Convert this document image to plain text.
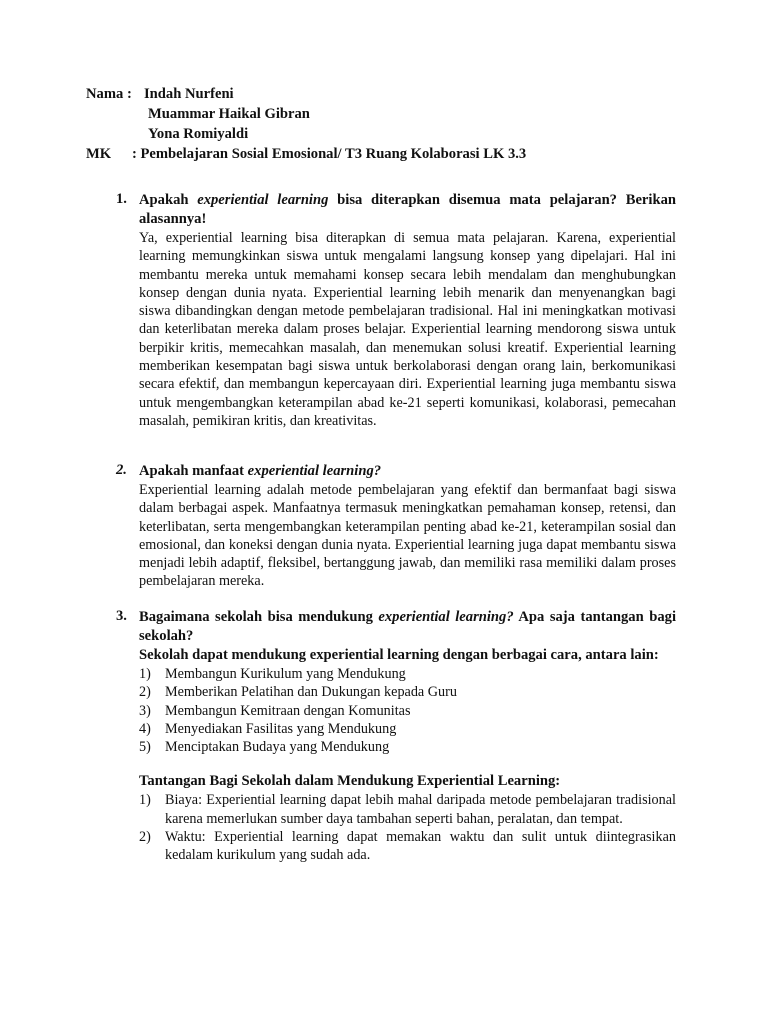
Nama : Indah Nurfeni
Muammar Haikal Gibran
Yona Romiyaldi
MK : Pembelajaran Sosial Emosional/ T3 Ruang Kolaborasi LK 3.3
1. Apakah experiential learning bisa diterapkan disemua mata pelajaran? Berikan alasannya!
Ya, experiential learning bisa diterapkan di semua mata pelajaran. Karena, experiential learning memungkinkan siswa untuk mengalami langsung konsep yang dipelajari. Hal ini membantu mereka untuk memahami konsep secara lebih mendalam dan menghubungkan konsep dengan dunia nyata. Experiential learning lebih menarik dan menyenangkan bagi siswa dibandingkan dengan metode pembelajaran tradisional. Hal ini meningkatkan motivasi dan keterlibatan mereka dalam proses belajar. Experiential learning mendorong siswa untuk berpikir kritis, memecahkan masalah, dan menemukan solusi kreatif. Experiential learning memberikan kesempatan bagi siswa untuk berkolaborasi dengan orang lain, berkomunikasi secara efektif, dan membangun kepercayaan diri. Experiential learning juga membantu siswa untuk mengembangkan keterampilan abad ke-21 seperti komunikasi, kolaborasi, pemecahan masalah, pemikiran kritis, dan kreativitas.
2. Apakah manfaat experiential learning?
Experiential learning adalah metode pembelajaran yang efektif dan bermanfaat bagi siswa dalam berbagai aspek. Manfaatnya termasuk meningkatkan pemahaman konsep, retensi, dan keterlibatan, serta mengembangkan keterampilan penting abad ke-21, keterampilan sosial dan emosional, dan koneksi dengan dunia nyata. Experiential learning juga dapat membantu siswa menjadi lebih adaptif, fleksibel, bertanggung jawab, dan memiliki rasa memiliki dalam proses pembelajaran mereka.
3. Bagaimana sekolah bisa mendukung experiential learning? Apa saja tantangan bagi sekolah?
Sekolah dapat mendukung experiential learning dengan berbagai cara, antara lain:
1) Membangun Kurikulum yang Mendukung
2) Memberikan Pelatihan dan Dukungan kepada Guru
3) Membangun Kemitraan dengan Komunitas
4) Menyediakan Fasilitas yang Mendukung
5) Menciptakan Budaya yang Mendukung
Tantangan Bagi Sekolah dalam Mendukung Experiential Learning:
1) Biaya: Experiential learning dapat lebih mahal daripada metode pembelajaran tradisional karena memerlukan sumber daya tambahan seperti bahan, peralatan, dan tempat.
2) Waktu: Experiential learning dapat memakan waktu dan sulit untuk diintegrasikan kedalam kurikulum yang sudah ada.
